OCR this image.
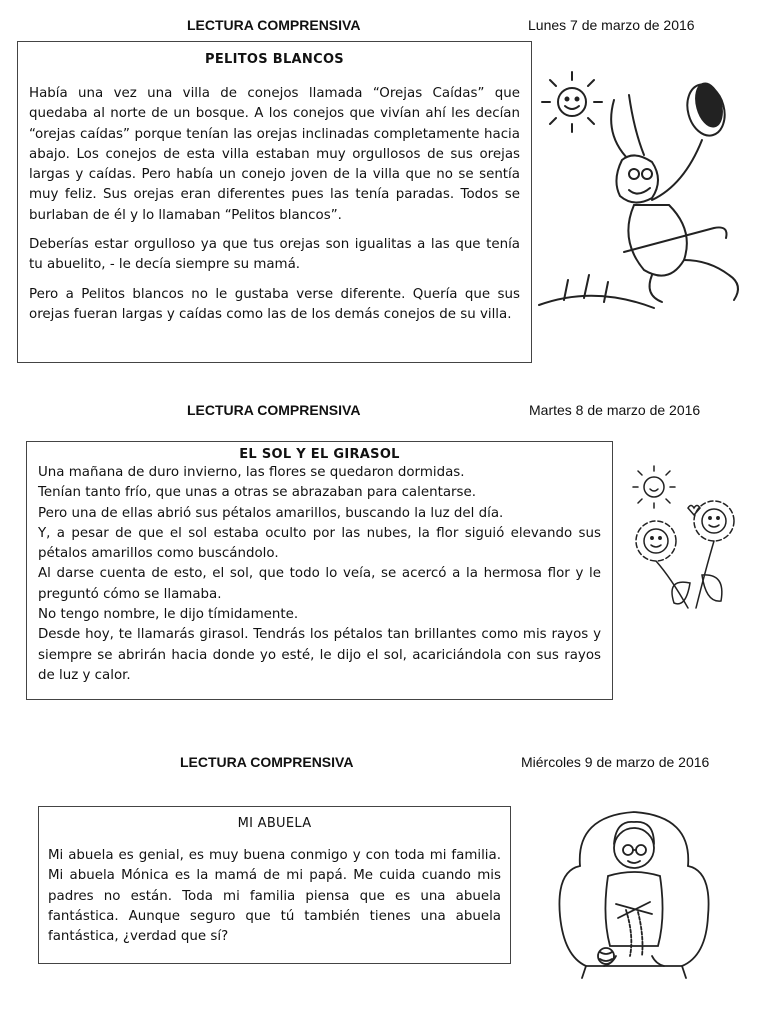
LECTURA COMPRENSIVA	Lunes 7 de marzo de 2016
PELITOS BLANCOS

Había una vez una villa de conejos llamada “Orejas Caídas” que quedaba al norte de un bosque. A los conejos que vivían ahí les decían “orejas caídas” porque tenían las orejas inclinadas completamente hacia abajo. Los conejos de esta villa estaban muy orgullosos de sus orejas largas y caídas. Pero había un conejo joven de la villa que no se sentía muy feliz. Sus orejas eran diferentes pues las tenía paradas. Todos se burlaban de él y lo llamaban “Pelitos blancos”.

Deberías estar orgulloso ya que tus orejas son igualitas a las que tenía tu abuelito, - le decía siempre su mamá.

Pero a Pelitos blancos no le gustaba verse diferente. Quería que sus orejas fueran largas y caídas como las de los demás conejos de su villa.

LECTURA COMPRENSIVA	Martes 8 de marzo de 2016
EL SOL Y EL GIRASOL

Una mañana de duro invierno, las flores se quedaron dormidas.

Tenían tanto frío, que unas a otras se abrazaban para calentarse.

Pero una de ellas abrió sus pétalos amarillos, buscando la luz del día.

Y, a pesar de que el sol estaba oculto por las nubes, la flor siguió elevando sus pétalos amarillos como buscándolo.

Al darse cuenta de esto, el sol, que todo lo veía, se acercó a la hermosa flor y le preguntó cómo se llamaba.

No tengo nombre, le dijo tímidamente.

Desde hoy, te llamarás girasol. Tendrás los pétalos tan brillantes como mis rayos y siempre se abrirán hacia donde yo esté, le dijo el sol, acariciándola con sus rayos de luz y calor.

LECTURA COMPRENSIVA	Miércoles 9 de marzo de 2016
MI ABUELA

Mi abuela es genial, es muy buena conmigo y con toda mi familia. Mi abuela Mónica es la mamá de mi papá. Me cuida cuando mis padres no están. Toda mi familia piensa que es una abuela fantástica. Aunque seguro que tú también tienes una abuela fantástica, ¿verdad que sí?
